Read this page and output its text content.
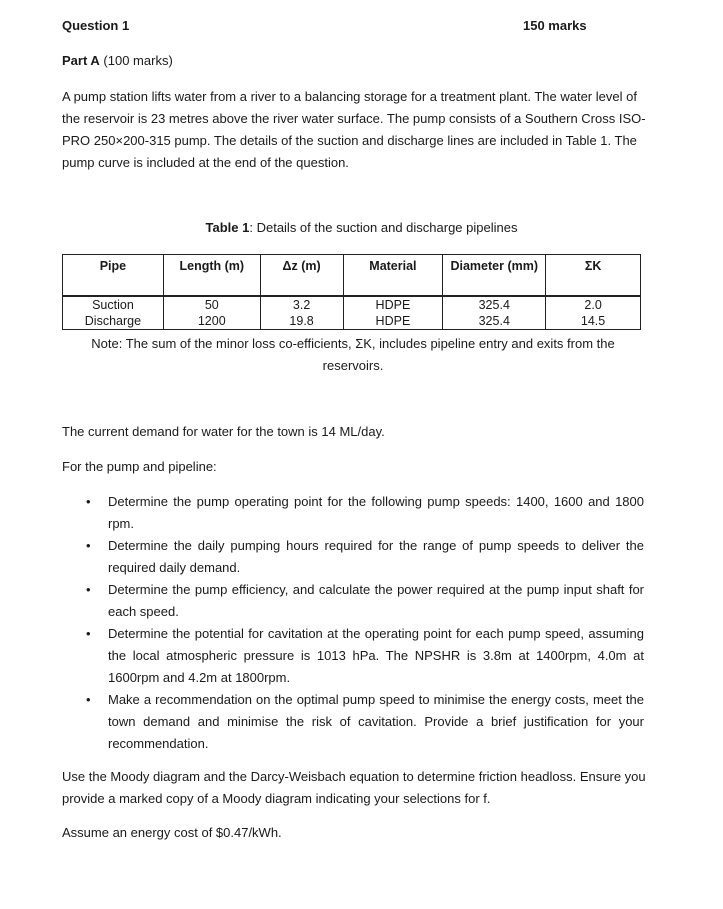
Question 1	150 marks
Part A (100 marks)
A pump station lifts water from a river to a balancing storage for a treatment plant. The water level of the reservoir is 23 metres above the river water surface. The pump consists of a Southern Cross ISO-PRO 250×200-315 pump. The details of the suction and discharge lines are included in Table 1. The pump curve is included at the end of the question.
Table 1: Details of the suction and discharge pipelines
Pipe	Length (m)	Δz (m)	Material	Diameter (mm)	ΣK
Suction	50	3.2	HDPE	325.4	2.0
Discharge	1200	19.8	HDPE	325.4	14.5
Note: The sum of the minor loss co-efficients, ΣK, includes pipeline entry and exits from the reservoirs.
The current demand for water for the town is 14 ML/day.
For the pump and pipeline:
• Determine the pump operating point for the following pump speeds: 1400, 1600 and 1800 rpm.
• Determine the daily pumping hours required for the range of pump speeds to deliver the required daily demand.
• Determine the pump efficiency, and calculate the power required at the pump input shaft for each speed.
• Determine the potential for cavitation at the operating point for each pump speed, assuming the local atmospheric pressure is 1013 hPa. The NPSHR is 3.8m at 1400rpm, 4.0m at 1600rpm and 4.2m at 1800rpm.
• Make a recommendation on the optimal pump speed to minimise the energy costs, meet the town demand and minimise the risk of cavitation. Provide a brief justification for your recommendation.
Use the Moody diagram and the Darcy-Weisbach equation to determine friction headloss. Ensure you provide a marked copy of a Moody diagram indicating your selections for f.
Assume an energy cost of $0.47/kWh.
